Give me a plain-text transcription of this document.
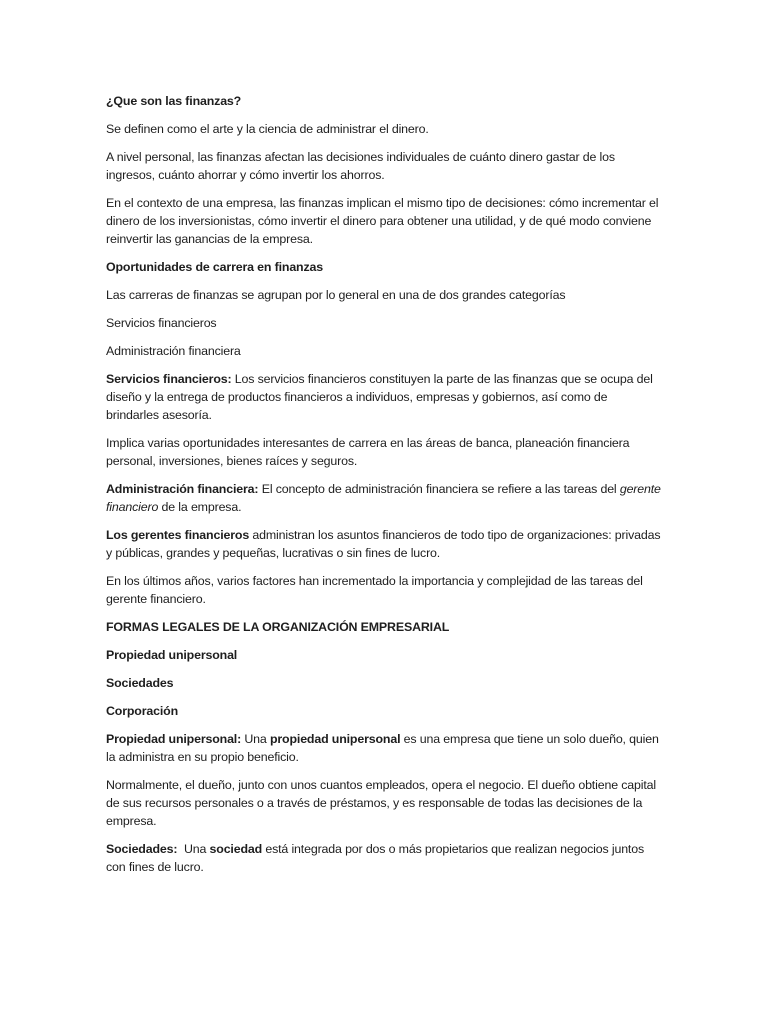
¿Que son las finanzas?

Se definen como el arte y la ciencia de administrar el dinero.

A nivel personal, las finanzas afectan las decisiones individuales de cuánto dinero gastar de los ingresos, cuánto ahorrar y cómo invertir los ahorros.

En el contexto de una empresa, las finanzas implican el mismo tipo de decisiones: cómo incrementar el dinero de los inversionistas, cómo invertir el dinero para obtener una utilidad, y de qué modo conviene reinvertir las ganancias de la empresa.

Oportunidades de carrera en finanzas

Las carreras de finanzas se agrupan por lo general en una de dos grandes categorías

Servicios financieros

Administración financiera

Servicios financieros: Los servicios financieros constituyen la parte de las finanzas que se ocupa del diseño y la entrega de productos financieros a individuos, empresas y gobiernos, así como de brindarles asesoría.

Implica varias oportunidades interesantes de carrera en las áreas de banca, planeación financiera personal, inversiones, bienes raíces y seguros.

Administración financiera: El concepto de administración financiera se refiere a las tareas del gerente financiero de la empresa.

Los gerentes financieros administran los asuntos financieros de todo tipo de organizaciones: privadas y públicas, grandes y pequeñas, lucrativas o sin fines de lucro.

En los últimos años, varios factores han incrementado la importancia y complejidad de las tareas del gerente financiero.

FORMAS LEGALES DE LA ORGANIZACIÓN EMPRESARIAL

Propiedad unipersonal

Sociedades

Corporación

Propiedad unipersonal: Una propiedad unipersonal es una empresa que tiene un solo dueño, quien la administra en su propio beneficio.

Normalmente, el dueño, junto con unos cuantos empleados, opera el negocio. El dueño obtiene capital de sus recursos personales o a través de préstamos, y es responsable de todas las decisiones de la empresa.

Sociedades:  Una sociedad está integrada por dos o más propietarios que realizan negocios juntos con fines de lucro.
